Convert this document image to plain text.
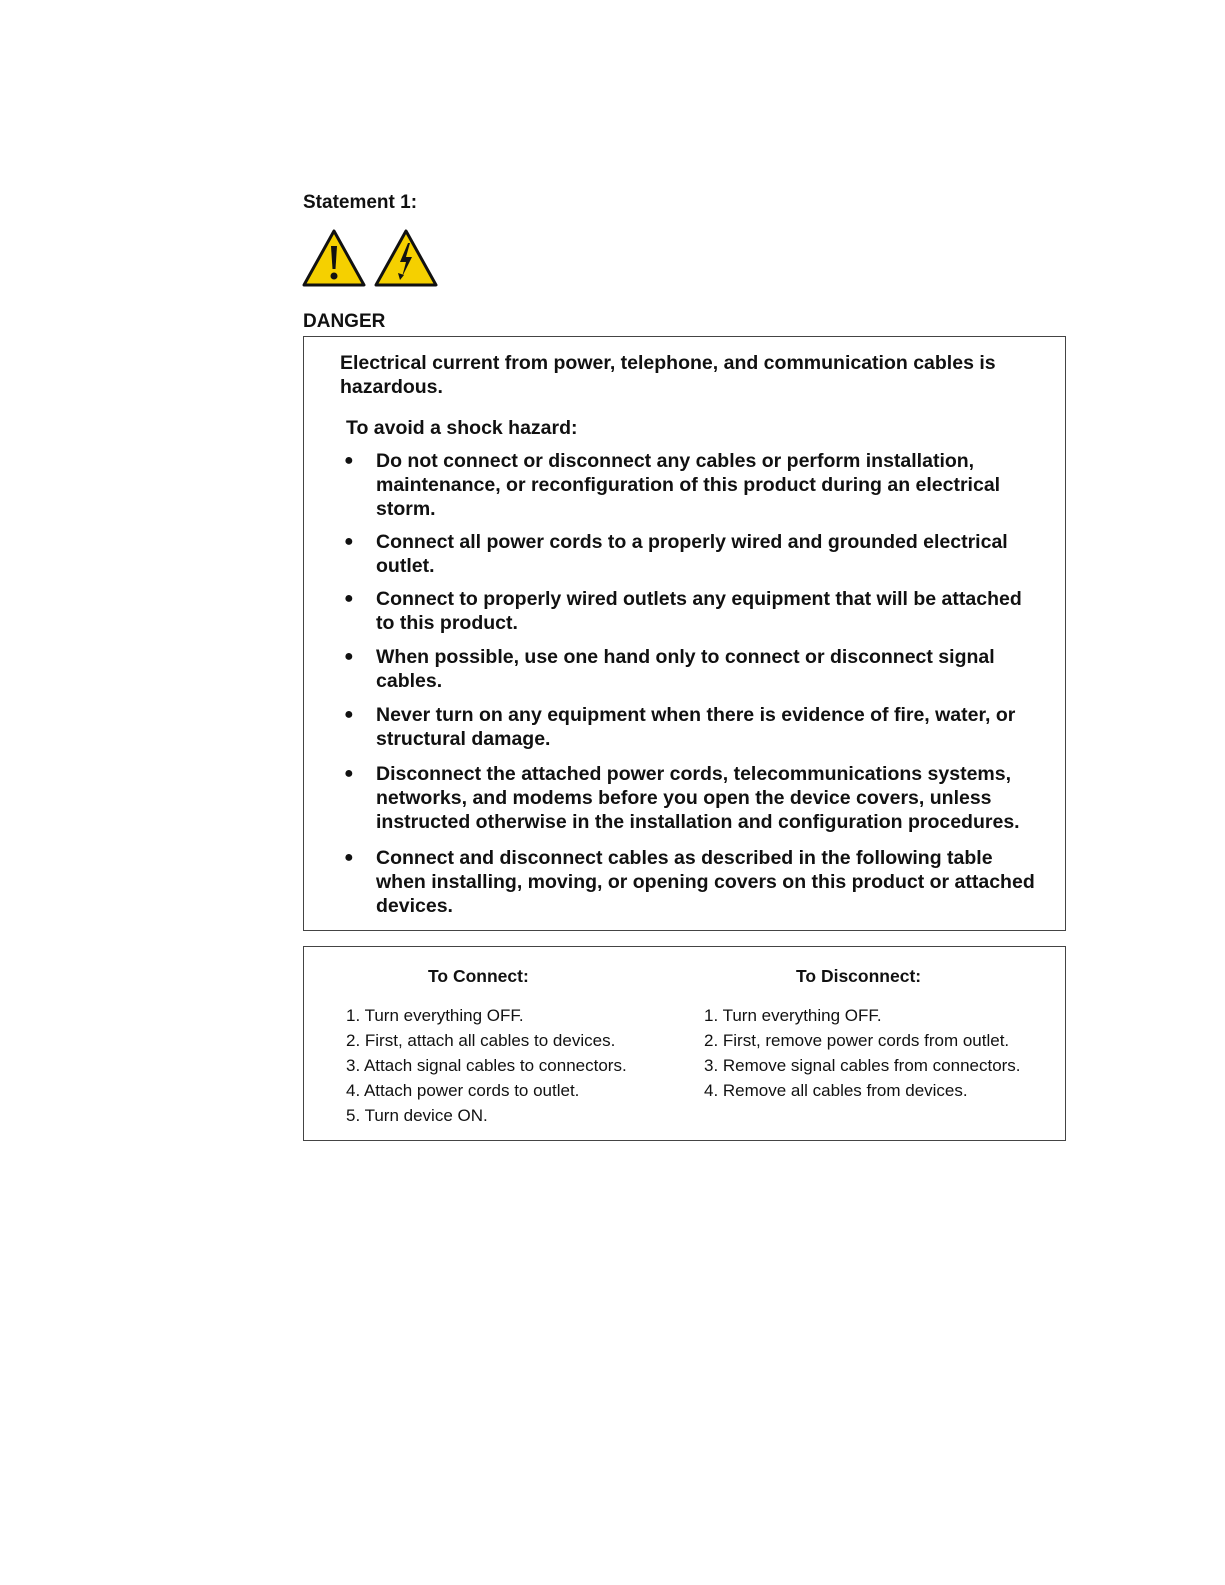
Statement 1:

DANGER

Electrical current from power, telephone, and communication cables is hazardous.

To avoid a shock hazard:

●	Do not connect or disconnect any cables or perform installation, maintenance, or reconfiguration of this product during an electrical storm.
●	Connect all power cords to a properly wired and grounded electrical outlet.
●	Connect to properly wired outlets any equipment that will be attached to this product.
●	When possible, use one hand only to connect or disconnect signal cables.
●	Never turn on any equipment when there is evidence of fire, water, or structural damage.
●	Disconnect the attached power cords, telecommunications systems, networks, and modems before you open the device covers, unless instructed otherwise in the installation and configuration procedures.
●	Connect and disconnect cables as described in the following table when installing, moving, or opening covers on this product or attached devices.

To Connect:

1. Turn everything OFF.

2. First, attach all cables to devices.

3. Attach signal cables to connectors.

4. Attach power cords to outlet.

5. Turn device ON.

To Disconnect:

1. Turn everything OFF.

2. First, remove power cords from outlet.

3. Remove signal cables from connectors.

4. Remove all cables from devices.
